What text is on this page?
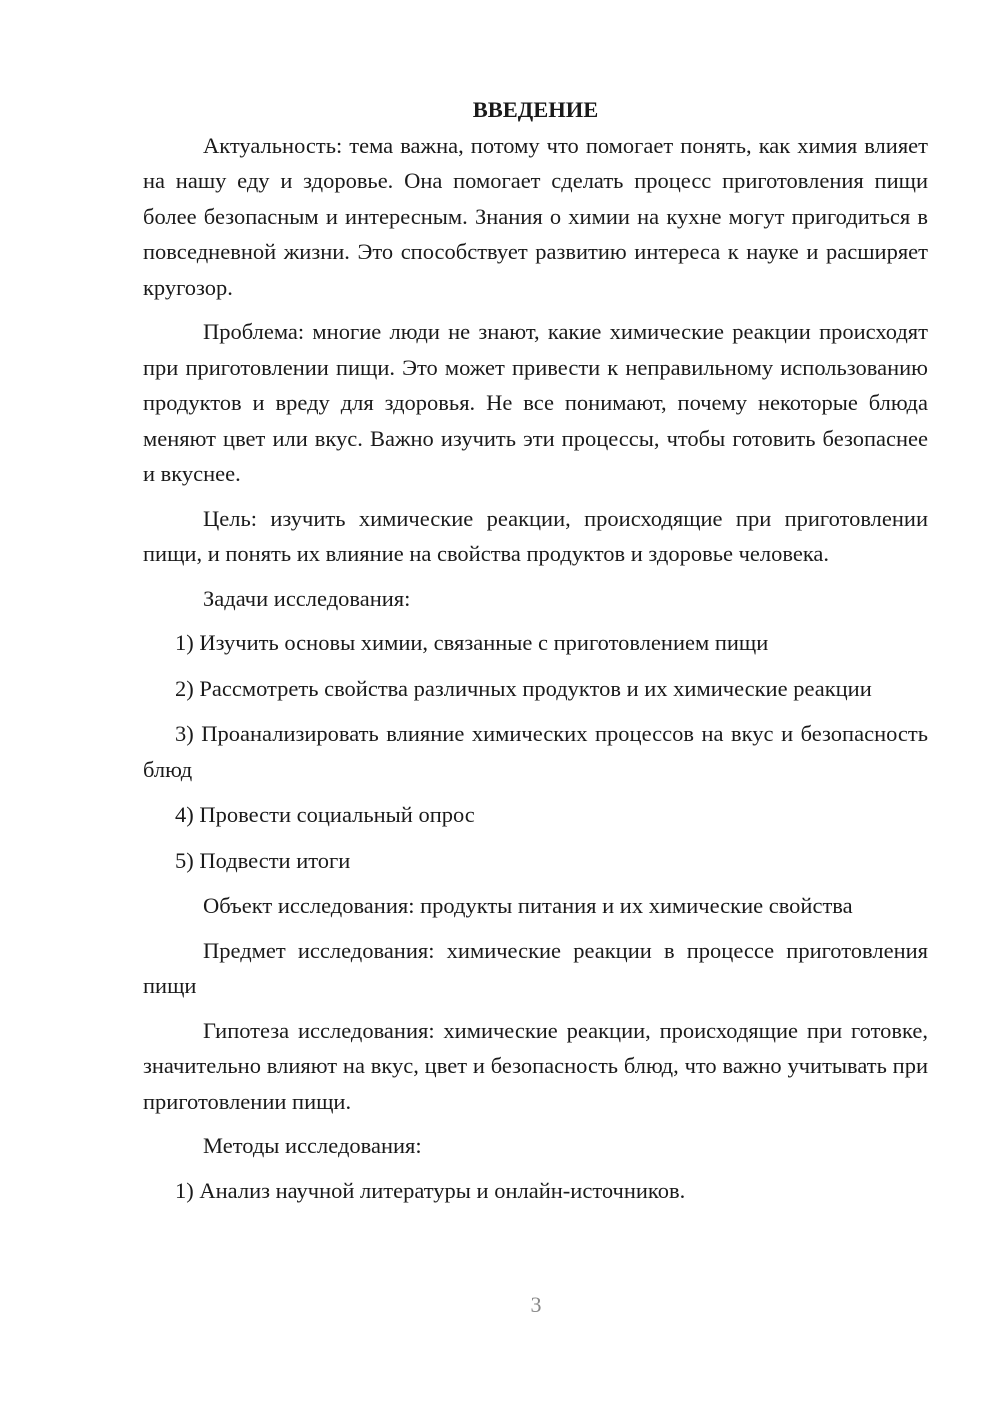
ВВЕДЕНИЕ

Актуальность: тема важна, потому что помогает понять, как химия влияет на нашу еду и здоровье. Она помогает сделать процесс приготовления пищи более безопасным и интересным. Знания о химии на кухне могут пригодиться в повседневной жизни. Это способствует развитию интереса к науке и расширяет кругозор.

Проблема: многие люди не знают, какие химические реакции происходят при приготовлении пищи. Это может привести к неправильному использованию продуктов и вреду для здоровья. Не все понимают, почему некоторые блюда меняют цвет или вкус. Важно изучить эти процессы, чтобы готовить безопаснее и вкуснее.

Цель: изучить химические реакции, происходящие при приготовлении пищи, и понять их влияние на свойства продуктов и здоровье человека.

Задачи исследования:

1) Изучить основы химии, связанные с приготовлением пищи

2) Рассмотреть свойства различных продуктов и их химические реакции

3) Проанализировать влияние химических процессов на вкус и безопасность блюд

4) Провести социальный опрос

5) Подвести итоги

Объект исследования: продукты питания и их химические свойства

Предмет исследования: химические реакции в процессе приготовления пищи

Гипотеза исследования: химические реакции, происходящие при готовке, значительно влияют на вкус, цвет и безопасность блюд, что важно учитывать при приготовлении пищи.

Методы исследования:

1) Анализ научной литературы и онлайн-источников.

3
